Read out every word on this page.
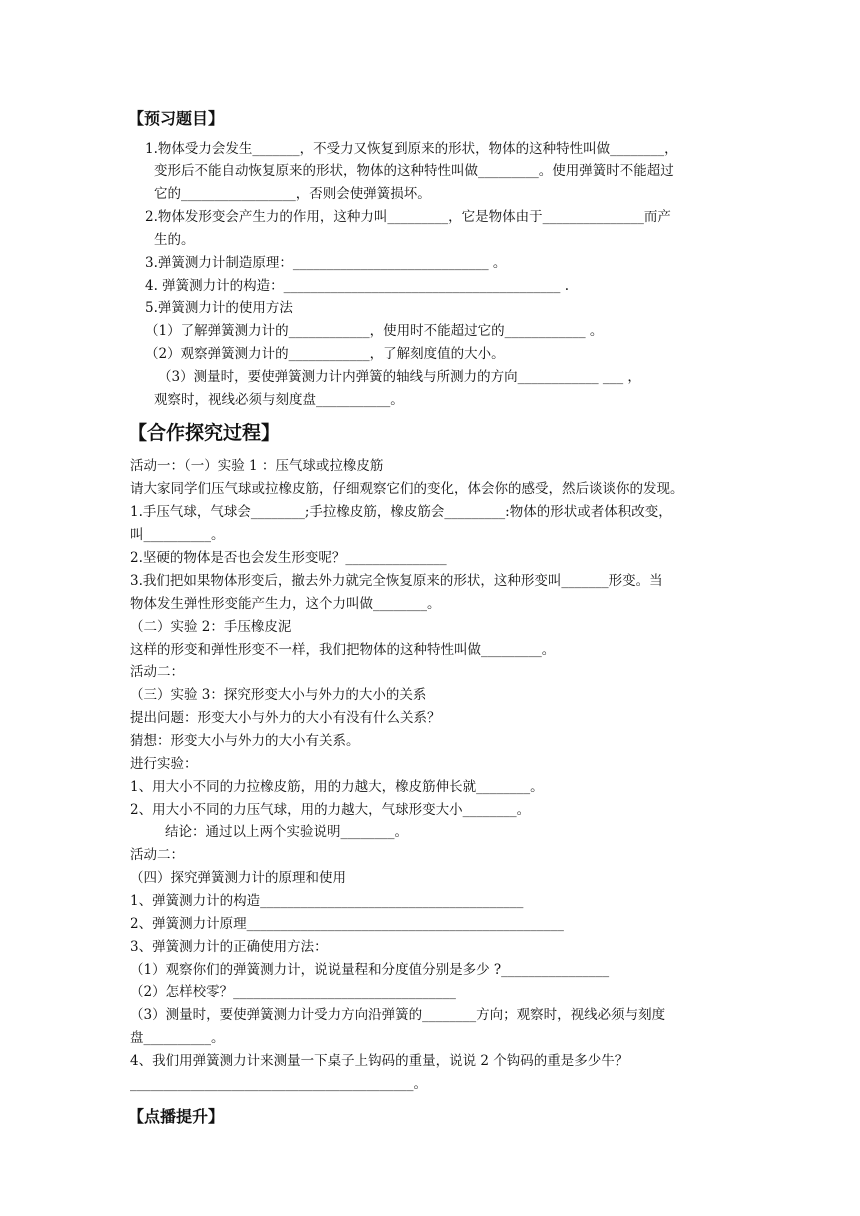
【预习题目】
1.物体受力会发生_______，不受力又恢复到原来的形状，物体的这种特性叫做________，
变形后不能自动恢复原来的形状，物体的这种特性叫做_________。使用弹簧时不能超过
它的_________________，否则会使弹簧损坏。
2.物体发形变会产生力的作用，这种力叫_________，它是物体由于_______________而产
生的。
3.弹簧测力计制造原理：_____________________________ 。
4. 弹簧测力计的构造：_________________________________________ .
5.弹簧测力计的使用方法
（1）了解弹簧测力计的____________，使用时不能超过它的____________ 。
（2）观察弹簧测力计的____________，了解刻度值的大小。
（3）测量时，要使弹簧测力计内弹簧的轴线与所测力的方向____________ ___ ，
观察时，视线必须与刻度盘___________。
【合作探究过程】
活动一：（一）实验 1 ：压气球或拉橡皮筋
请大家同学们压气球或拉橡皮筋，仔细观察它们的变化，体会你的感受，然后谈谈你的发现。
1.手压气球，气球会________;手拉橡皮筋，橡皮筋会_________:物体的形状或者体积改变，
叫__________。
2.坚硬的物体是否也会发生形变呢？_______________
3.我们把如果物体形变后，撤去外力就完全恢复原来的形状，这种形变叫_______形变。当
物体发生弹性形变能产生力，这个力叫做________。
（二）实验 2：手压橡皮泥
这样的形变和弹性形变不一样，我们把物体的这种特性叫做_________。
活动二：
（三）实验 3：探究形变大小与外力的大小的关系
提出问题：形变大小与外力的大小有没有什么关系？
猜想：形变大小与外力的大小有关系。
进行实验：
1、用大小不同的力拉橡皮筋，用的力越大，橡皮筋伸长就________。
2、用大小不同的力压气球，用的力越大，气球形变大小________。
结论：通过以上两个实验说明________。
活动二：
（四）探究弹簧测力计的原理和使用
1、弹簧测力计的构造_______________________________________
2、弹簧测力计原理_______________________________________________
3、弹簧测力计的正确使用方法：
（1）观察你们的弹簧测力计，说说量程和分度值分别是多少 ?________________
（2）怎样校零？_________________________________
（3）测量时，要使弹簧测力计受力方向沿弹簧的________方向；观察时，视线必须与刻度
盘__________。
4、我们用弹簧测力计来测量一下桌子上钩码的重量，说说 2 个钩码的重是多少牛？
__________________________________________。
【点播提升】
